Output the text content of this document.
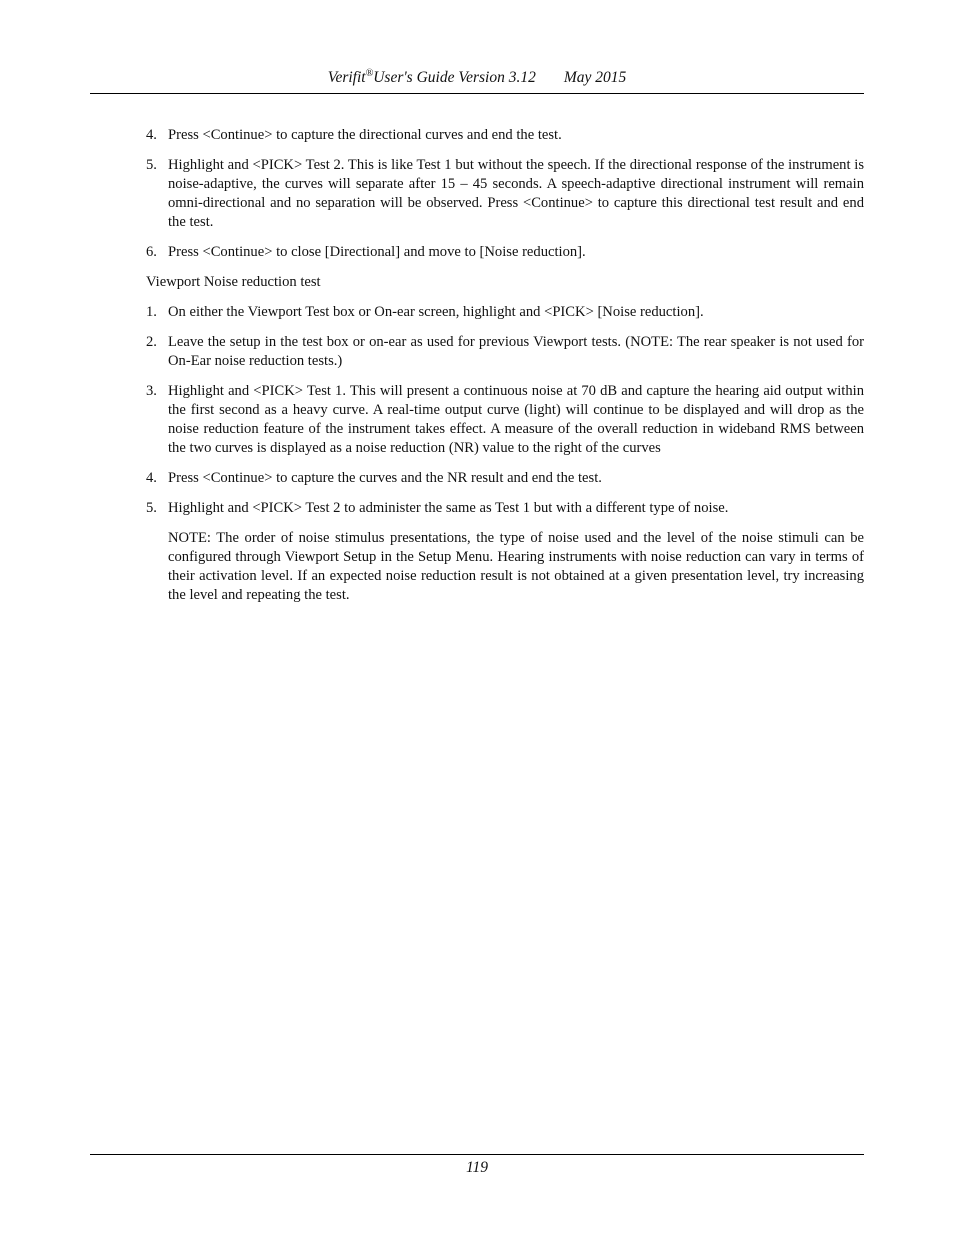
Verifit®User's Guide Version 3.12 May 2015
4. Press <Continue> to capture the directional curves and end the test.
5. Highlight and <PICK> Test 2. This is like Test 1 but without the speech. If the directional response of the instrument is noise-adaptive, the curves will separate after 15 – 45 seconds. A speech-adaptive directional instrument will remain omni-directional and no separation will be observed. Press <Continue> to capture this directional test result and end the test.
6. Press <Continue> to close [Directional] and move to [Noise reduction].

Viewport Noise reduction test

1. On either the Viewport Test box or On-ear screen, highlight and <PICK> [Noise reduction].
2. Leave the setup in the test box or on-ear as used for previous Viewport tests. (NOTE: The rear speaker is not used for On-Ear noise reduction tests.)
3. Highlight and <PICK> Test 1. This will present a continuous noise at 70 dB and capture the hearing aid output within the first second as a heavy curve. A real-time output curve (light) will continue to be displayed and will drop as the noise reduction feature of the instrument takes effect. A measure of the overall reduction in wideband RMS between the two curves is displayed as a noise reduction (NR) value to the right of the curves
4. Press <Continue> to capture the curves and the NR result and end the test.
5. Highlight and <PICK> Test 2 to administer the same as Test 1 but with a different type of noise.

NOTE: The order of noise stimulus presentations, the type of noise used and the level of the noise stimuli can be configured through Viewport Setup in the Setup Menu. Hearing instruments with noise reduction can vary in terms of their activation level. If an expected noise reduction result is not obtained at a given presentation level, try increasing the level and repeating the test.

119
